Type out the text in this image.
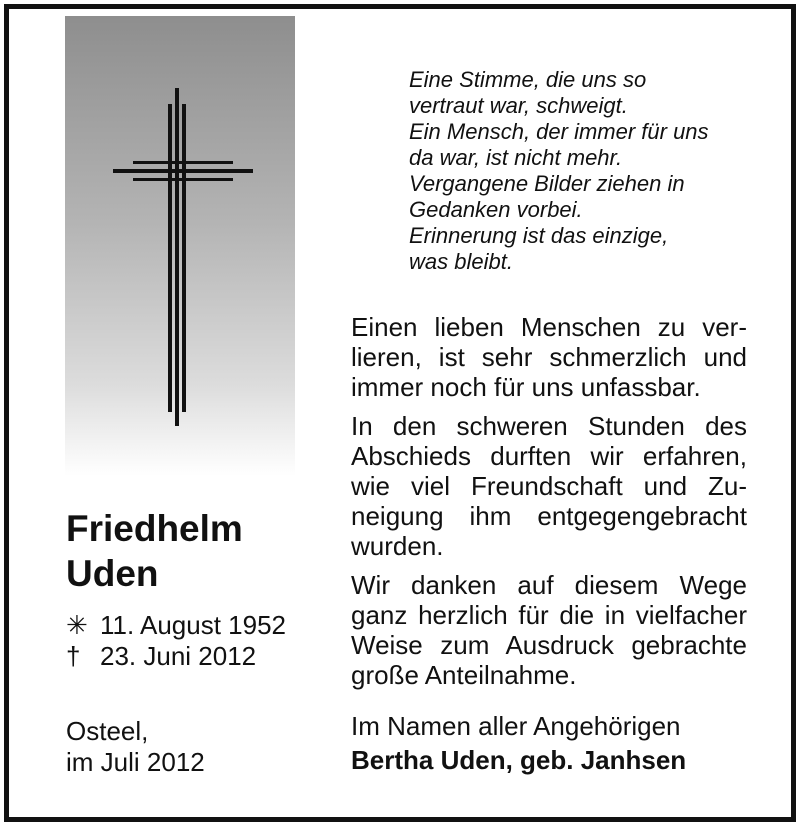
Eine Stimme, die uns so
vertraut war, schweigt.
Ein Mensch, der immer für uns
da war, ist nicht mehr.
Vergangene Bilder ziehen in
Gedanken vorbei.
Erinnerung ist das einzige,
was bleibt.
Friedhelm
Uden
✳ 11. August 1952
† 23. Juni 2012
Osteel,
im Juli 2012
Einen lieben Menschen zu ver-
lieren, ist sehr schmerzlich und
immer noch für uns unfassbar.
In den schweren Stunden des
Abschieds durften wir erfahren,
wie viel Freundschaft und Zu-
neigung ihm entgegengebracht
wurden.
Wir danken auf diesem Wege
ganz herzlich für die in vielfacher
Weise zum Ausdruck gebrachte
große Anteilnahme.
Im Namen aller Angehörigen
Bertha Uden, geb. Janhsen
